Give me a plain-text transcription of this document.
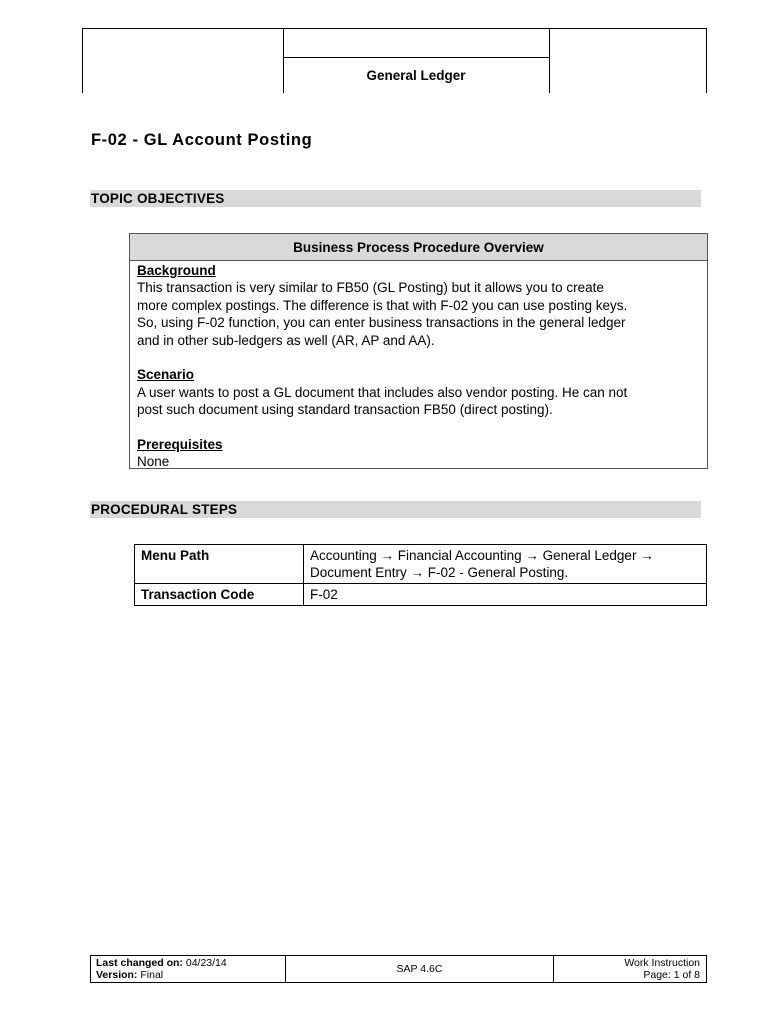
General Ledger
F-02 - GL Account Posting
TOPIC OBJECTIVES
Business Process Procedure Overview
Background

This transaction is very similar to FB50 (GL Posting) but it allows you to create

more complex postings. The difference is that with F-02 you can use posting keys.

So, using F-02 function, you can enter business transactions in the general ledger

and in other sub-ledgers as well (AR, AP and AA).

Scenario

A user wants to post a GL document that includes also vendor posting. He can not

post such document using standard transaction FB50 (direct posting).

Prerequisites

None

PROCEDURAL STEPS
Menu Path	Accounting → Financial Accounting → General Ledger →
Document Entry → F-02 - General Posting.

Transaction Code	F-02
Last changed on: 04/23/14
Version: Final	SAP 4.6C	Work Instruction
Page: 1 of 8
